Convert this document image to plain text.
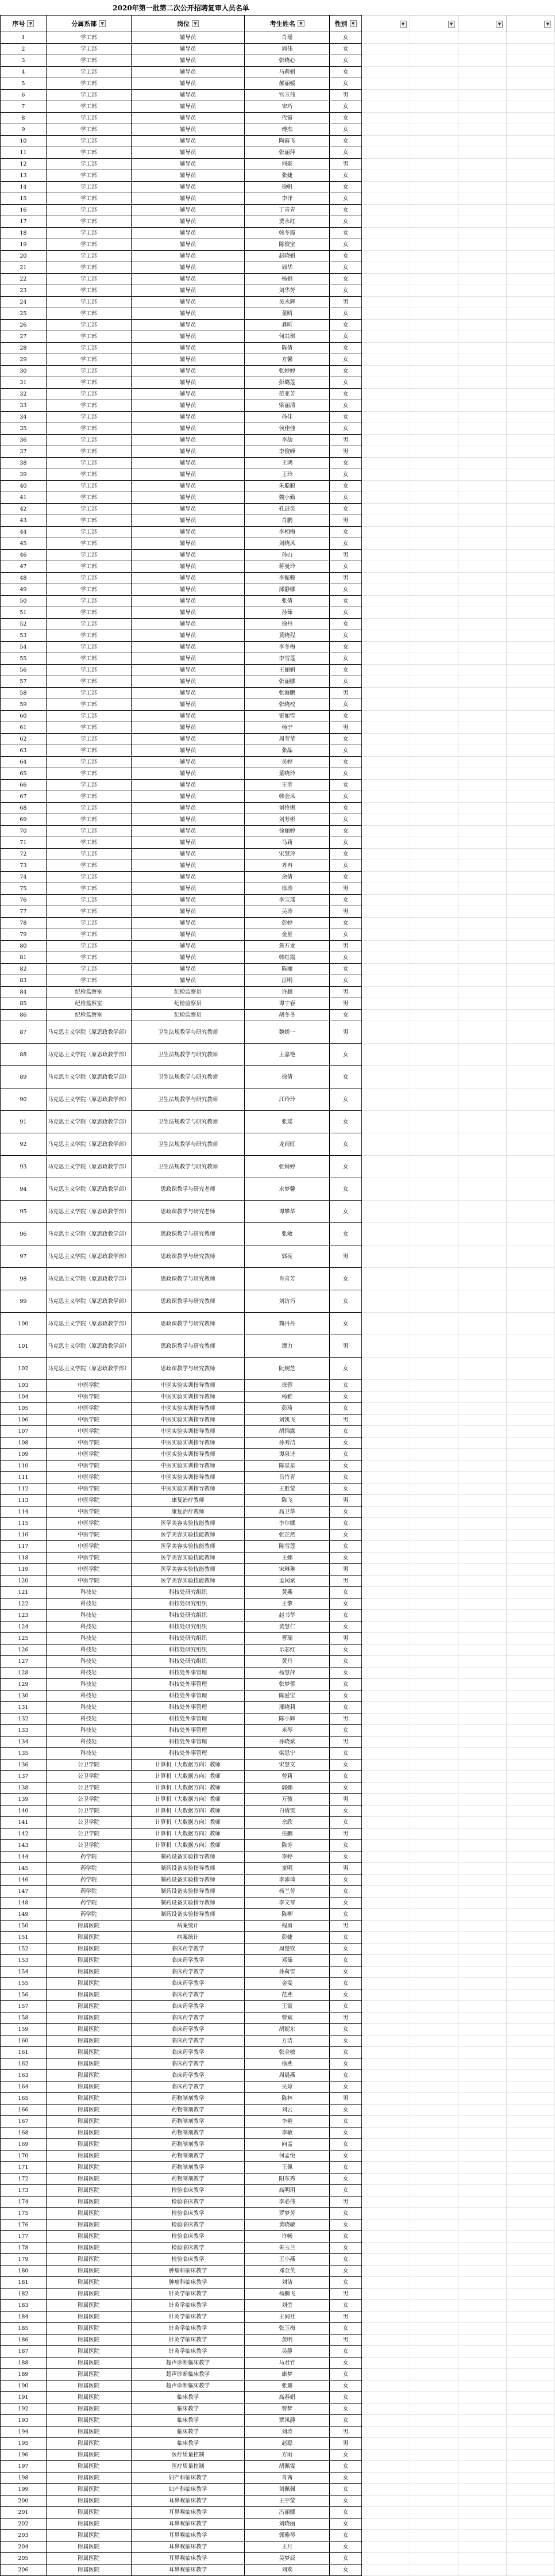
2020年第一批第二次公开招聘复审人员名单
序号 ▼	分属系部 ▼	岗位 ▼	考生姓名 ▼	性别 ▼	▼	▼	▼	▼
1	学工部	辅导员	肖瑶	女				
2	学工部	辅导员	周伟	女				
3	学工部	辅导员	张晓心	女				
4	学工部	辅导员	马莉娟	女				
5	学工部	辅导员	郝丽媛	女				
6	学工部	辅导员	宫玉伟	男				
7	学工部	辅导员	宋巧	女				
8	学工部	辅导员	代霞	女				
9	学工部	辅导员	傅杰	女				
10	学工部	辅导员	陶霞飞	女				
11	学工部	辅导员	张丽萍	女				
12	学工部	辅导员	何豪	男				
13	学工部	辅导员	张婕	女				
14	学工部	辅导员	徐帆	女				
15	学工部	辅导员	李洋	女				
16	学工部	辅导员	丁青青	女				
17	学工部	辅导员	贾永红	女				
18	学工部	辅导员	韩冬霞	女				
19	学工部	辅导员	陈俊宝	女				
20	学工部	辅导员	赵晓娟	女				
21	学工部	辅导员	周华	女				
22	学工部	辅导员	杨娟	女				
23	学工部	辅导员	刘华芳	女				
24	学工部	辅导员	吴永辉	男				
25	学工部	辅导员	董晴	女				
26	学工部	辅导员	龚昕	女				
27	学工部	辅导员	何其琪	女				
28	学工部	辅导员	陈倩	女				
29	学工部	辅导员	方馨	女				
30	学工部	辅导员	张婷婷	女				
31	学工部	辅导员	彭璐莲	女				
32	学工部	辅导员	范亚芳	女				
33	学工部	辅导员	梁丽清	女				
34	学工部	辅导员	孙佳	女				
35	学工部	辅导员	侯佳佳	女				
36	学工部	辅导员	李劼	男				
37	学工部	辅导员	李俊峰	男				
38	学工部	辅导员	王鸿	女				
39	学工部	辅导员	王玲	女				
40	学工部	辅导员	朱聪聪	女				
41	学工部	辅导员	魏小勤	女				
42	学工部	辅导员	孔进笑	女				
43	学工部	辅导员	肖鹏	男				
44	学工部	辅导员	李相梅	女				
45	学工部	辅导员	刘晓风	女				
46	学工部	辅导员	孙山	男				
47	学工部	辅导员	蒋曼玲	女				
48	学工部	辅导员	李振骏	男				
49	学工部	辅导员	邱静娜	女				
50	学工部	辅导员	张倩	女				
51	学工部	辅导员	孙茹	女				
52	学工部	辅导员	徐丹	女				
53	学工部	辅导员	黄晓程	女				
54	学工部	辅导员	李冬梅	女				
55	学工部	辅导员	李雪莲	女				
56	学工部	辅导员	王丽娟	女				
57	学工部	辅导员	张丽娜	女				
58	学工部	辅导员	张海鹏	男				
59	学工部	辅导员	张晓校	女				
60	学工部	辅导员	霍如雪	女				
61	学工部	辅导员	杨宁	男				
62	学工部	辅导员	周莹莹	女				
63	学工部	辅导员	张晶	女				
64	学工部	辅导员	吴婷	女				
65	学工部	辅导员	董晓玲	女				
66	学工部	辅导员	王莹	女				
67	学工部	辅导员	韩金凤	女				
68	学工部	辅导员	刘伶俐	女				
69	学工部	辅导员	刘芳彬	女				
70	学工部	辅导员	徐丽婷	女				
71	学工部	辅导员	马莉	女				
72	学工部	辅导员	宋慧玲	女				
73	学工部	辅导员	齐冉	女				
74	学工部	辅导员	余倩	女				
75	学工部	辅导员	徐涛	男				
76	学工部	辅导员	李宝瑶	女				
77	学工部	辅导员	吴涛	男				
78	学工部	辅导员	彭婷	女				
79	学工部	辅导员	金星	女				
80	学工部	辅导员	詹万龙	男				
81	学工部	辅导员	韩红霞	女				
82	学工部	辅导员	陈丽	女				
83	学工部	辅导员	汪明	女				
84	纪检监察室	纪检监察员	许超	男				
85	纪检监察室	纪检监察员	谭宇春	男				
86	纪检监察室	纪检监察员	胡冬冬	女				
87	马克思主义学院（原思政教学部）	卫生法规教学与研究教师	魏娇一	男				
88	马克思主义学院（原思政教学部）	卫生法规教学与研究教师	王嘉艳	女				
89	马克思主义学院（原思政教学部）	卫生法规教学与研究教师	徐倩	女				
90	马克思主义学院（原思政教学部）	卫生法规教学与研究教师	江玲玲	女				
91	马克思主义学院（原思政教学部）	卫生法规教学与研究教师	张瑶	女				
92	马克思主义学院（原思政教学部）	卫生法规教学与研究教师	龙雨虹	女				
93	马克思主义学院（原思政教学部）	卫生法规教学与研究教师	张婧婷	女				
94	马克思主义学院（原思政教学部）	思政课教学与研究老师	求梦馨	女				
95	马克思主义学院（原思政教学部）	思政课教学与研究老师	谭攀华	女				
96	马克思主义学院（原思政教学部）	思政课教学与研究教师	张敏	女				
97	马克思主义学院（原思政教学部）	思政课教学与研究教师	郭亮	男				
98	马克思主义学院（原思政教学部）	思政课教学与研究教师	肖青芳	女				
99	马克思主义学院（原思政教学部）	思政课教学与研究教师	刘访巧	女				
100	马克思主义学院（原思政教学部）	思政课教学与研究教师	魏丹丹	女				
101	马克思主义学院（原思政教学部）	思政课教学与研究教师	谭力	男				
102	马克思主义学院（原思政教学部）	思政课教学与研究教师	阮婉芝	女				
103	中医学院	中医实验实训指导教师	徐蓉	女				
104	中医学院	中医实验实训指导教师	杨雅	女				
105	中医学院	中医实验实训指导教师	彭琦	女				
106	中医学院	中医实验实训指导教师	刘凯飞	男				
107	中医学院	中医实验实训指导教师	胡锦露	女				
108	中医学院	中医实验实训指导教师	孙秀洁	女				
109	中医学院	中医实验实训指导教师	谭泉诗	女				
110	中医学院	中医实验实训指导教师	陈星星	女				
111	中医学院	中医实验实训指导教师	吕竹青	女				
112	中医学院	中医实验实训指导教师	王胜莹	女				
113	中医学院	康复治疗教师	陈飞	男				
114	中医学院	康复治疗教师	高卫华	女				
115	中医学院	医学美容实验技能教师	李尔娜	女				
116	中医学院	医学美容实验技能教师	张芷然	女				
117	中医学院	医学美容实验技能教师	陈雪莲	女				
118	中医学院	医学美容实验技能教师	王娜	女				
119	中医学院	医学美容实验技能教师	宋琳琳	男				
120	中医学院	医学美容实验技能教师	孟闵斌	男				
121	科技处	科技处研究组织	黄燕	女				
122	科技处	科技处研究组织	王擎	女				
123	科技处	科技处研究组织	赵书华	女				
124	科技处	科技处研究组织	黄慧仁	女				
125	科技处	科技处研究组织	曹瑞	男				
126	科技处	科技处研究组织	乐芯红	女				
127	科技处	科技处研究组织	黄丹	女				
128	科技处	科技处外事管理	杨慧萍	女				
129	科技处	科技处外事管理	张梦蕾	女				
130	科技处	科技处外事管理	陈爱宝	女				
131	科技处	科技处外事管理	邢晓莉	女				
132	科技处	科技处外事管理	陈小辉	男				
133	科技处	科技处外事管理	米琴	女				
134	科技处	科技处外事管理	孙晓斌	男				
135	科技处	科技处外事管理	梁思宁	女				
136	公卫学院	计算机（大数据方向）教师	宋慧文	女				
137	公卫学院	计算机（大数据方向）教师	曾莉	女				
138	公卫学院	计算机（大数据方向）教师	郭娜	女				
139	公卫学院	计算机（大数据方向）教师	万骏	男				
140	公卫学院	计算机（大数据方向）教师	白倩雯	女				
141	公卫学院	计算机（大数据方向）教师	余欣	女				
142	公卫学院	计算机（大数据方向）教师	任鹏	男				
143	公卫学院	计算机（大数据方向）教师	陈芳	女				
144	药学院	制药设备实验指导教师	李婷	女				
145	药学院	制药设备实验指导教师	童明	男				
146	药学院	制药设备实验指导教师	李沛琦	女				
147	药学院	制药设备实验指导教师	杨兰芳	女				
148	药学院	制药设备实验指导教师	李文琴	女				
149	药学院	制药设备实验指导教师	陈柳	女				
150	附属医院	病案统计	程勇	男				
151	附属医院	病案统计	彭婕	女				
152	附属医院	临床药学教学	周楚钦	女				
153	附属医院	临床药学教学	邓茹	女				
154	附属医院	临床药学教学	孙荷雪	女				
155	附属医院	临床药学教学	金雯	女				
156	附属医院	临床药学教学	范燕	女				
157	附属医院	临床药学教学	王霞	女				
158	附属医院	临床药学教学	曾斌	男				
159	附属医院	临床药学教学	胡妮东	女				
160	附属医院	临床药学教学	万洁	女				
161	附属医院	临床药学教学	张金敏	女				
162	附属医院	临床药学教学	徐燕	女				
163	附属医院	临床药学教学	周晨燕	女				
164	附属医院	临床药学教学	吴琼	女				
165	附属医院	药物制剂教学	陈林	男				
166	附属医院	药物制剂教学	刘云	女				
167	附属医院	药物制剂教学	李艳	女				
168	附属医院	药物制剂教学	李敏	女				
169	附属医院	药物制剂教学	向孟	女				
170	附属医院	药物制剂教学	何孟悦	女				
171	附属医院	药物制剂教学	王佩	女				
172	附属医院	药物制剂教学	阳东秀	女				
173	附属医院	检验临床教学	高明玥	女				
174	附属医院	检验临床教学	李必伟	男				
175	附属医院	检验临床教学	罗梦芳	女				
176	附属医院	检验临床教学	黄晓敏	女				
177	附属医院	检验临床教学	许畅	女				
178	附属医院	检验临床教学	朱玉兰	女				
179	附属医院	检验临床教学	王小燕	女				
180	附属医院	肿瘤科临床教学	邓金英	女				
181	附属医院	肿瘤科临床教学	刘洁	女				
182	附属医院	针灸学临床教学	杨鹏飞	男				
183	附属医院	针灸学临床教学	刘莹	女				
184	附属医院	针灸学临床教学	王同社	男				
185	附属医院	针灸学临床教学	张玉梅	女				
186	附属医院	针灸学临床教学	黄明	男				
187	附属医院	针灸学临床教学	吴静	女				
188	附属医院	超声诊断临床教学	马君竹	女				
189	附属医院	超声诊断临床教学	康梦	女				
190	附属医院	超声诊断临床教学	张璐	女				
191	附属医院	临床教学	高春娟	女				
192	附属医院	临床教学	曾梦	女				
193	附属医院	临床教学	覃凤静	女				
194	附属医院	临床教学	刘涛	男				
195	附属医院	临床教学	赵聪	男				
196	附属医院	医疗质量控制	方雨	女				
197	附属医院	医疗质量控制	胡佩雯	女				
198	附属医院	妇产科临床教学	肖茜	女				
199	附属医院	妇产科临床教学	刘佩佩	女				
200	附属医院	耳鼻喉临床教学	王宇莹	女				
201	附属医院	耳鼻喉临床教学	冯丽娜	女				
202	附属医院	耳鼻喉临床教学	刘晓丽	女				
203	附属医院	耳鼻喉临床教学	郭雅琴	女				
204	附属医院	耳鼻喉临床教学	王月	女				
205	附属医院	耳鼻喉临床教学	吴梦辰	女				
206	附属医院	耳鼻喉临床教学	刘欢	女				
